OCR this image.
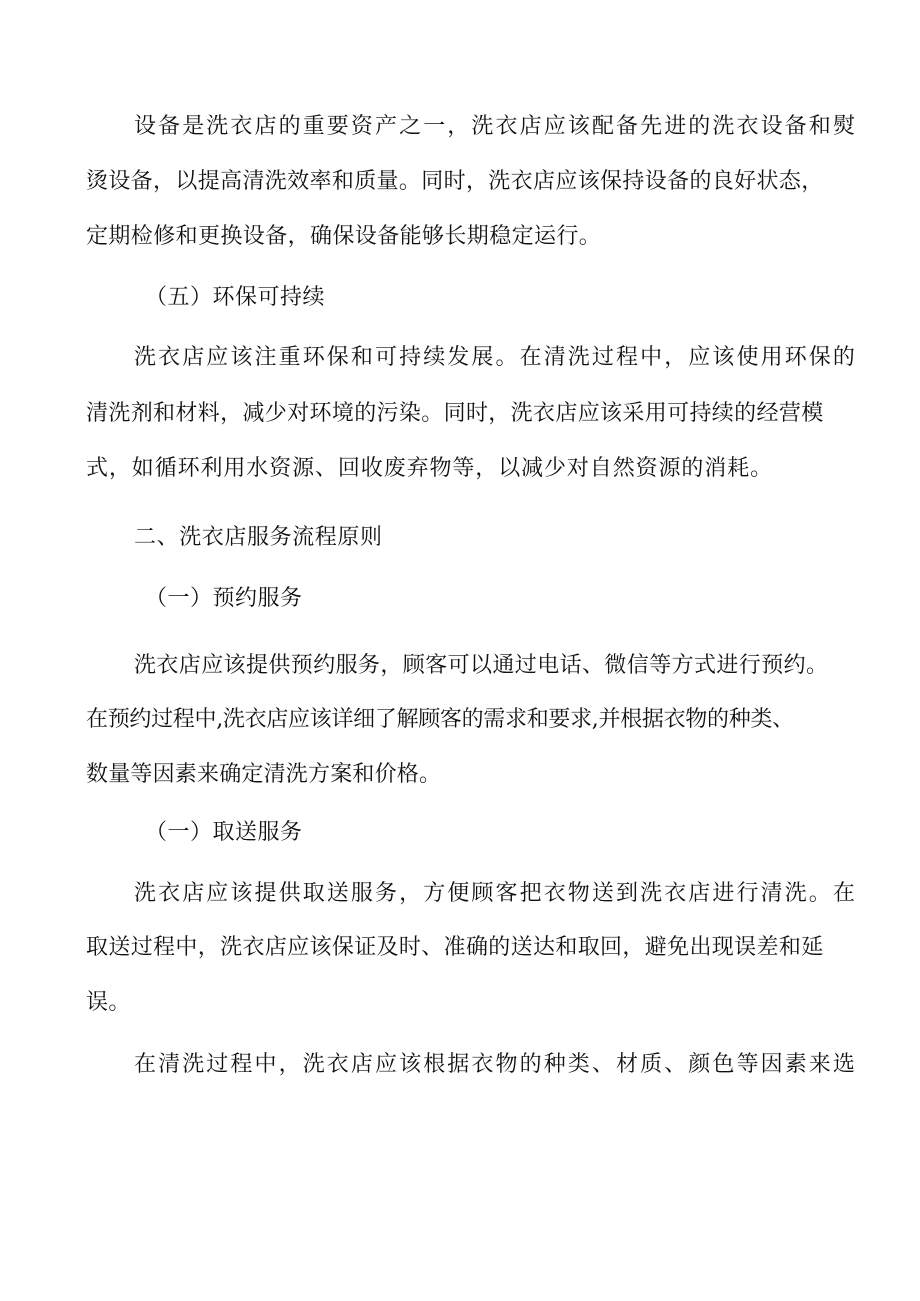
设备是洗衣店的重要资产之一，洗衣店应该配备先进的洗衣设备和熨
烫设备，以提高清洗效率和质量。同时，洗衣店应该保持设备的良好状态，
定期检修和更换设备，确保设备能够长期稳定运行。
（五）环保可持续
洗衣店应该注重环保和可持续发展。在清洗过程中，应该使用环保的
清洗剂和材料，减少对环境的污染。同时，洗衣店应该采用可持续的经营模
式，如循环利用水资源、回收废弃物等，以减少对自然资源的消耗。
二、洗衣店服务流程原则
（一）预约服务
洗衣店应该提供预约服务，顾客可以通过电话、微信等方式进行预约。
在预约过程中,洗衣店应该详细了解顾客的需求和要求,并根据衣物的种类、
数量等因素来确定清洗方案和价格。
（一）取送服务
洗衣店应该提供取送服务，方便顾客把衣物送到洗衣店进行清洗。在
取送过程中，洗衣店应该保证及时、准确的送达和取回，避免出现误差和延
误。
在清洗过程中，洗衣店应该根据衣物的种类、材质、颜色等因素来选
